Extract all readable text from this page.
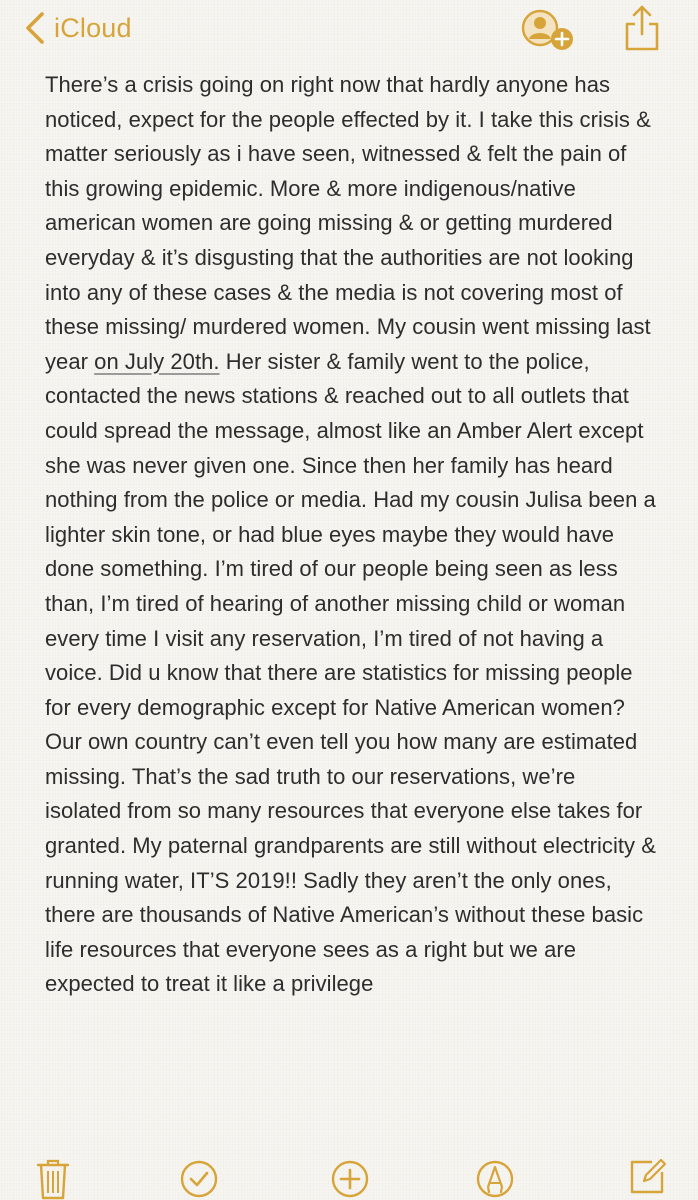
iCloud

There’s a crisis going on right now that hardly anyone has noticed, expect for the people effected by it. I take this crisis & matter seriously as i have seen, witnessed & felt the pain of this growing epidemic. More & more indigenous/native american women are going missing & or getting murdered everyday & it’s disgusting that the authorities are not looking into any of these cases & the media is not covering most of these missing/ murdered women. My cousin went missing last year on July 20th. Her sister & family went to the police, contacted the news stations & reached out to all outlets that could spread the message, almost like an Amber Alert except she was never given one. Since then her family has heard nothing from the police or media. Had my cousin Julisa been a lighter skin tone, or had blue eyes maybe they would have done something. I’m tired of our people being seen as less than, I’m tired of hearing of another missing child or woman every time I visit any reservation, I’m tired of not having a voice. Did u know that there are statistics for missing people for every demographic except for Native American women? Our own country can’t even tell you how many are estimated missing. That’s the sad truth to our reservations, we’re isolated from so many resources that everyone else takes for granted. My paternal grandparents are still without electricity & running water, IT’S 2019!! Sadly they aren’t the only ones, there are thousands of Native American’s without these basic life resources that everyone sees as a right but we are expected to treat it like a privilege
